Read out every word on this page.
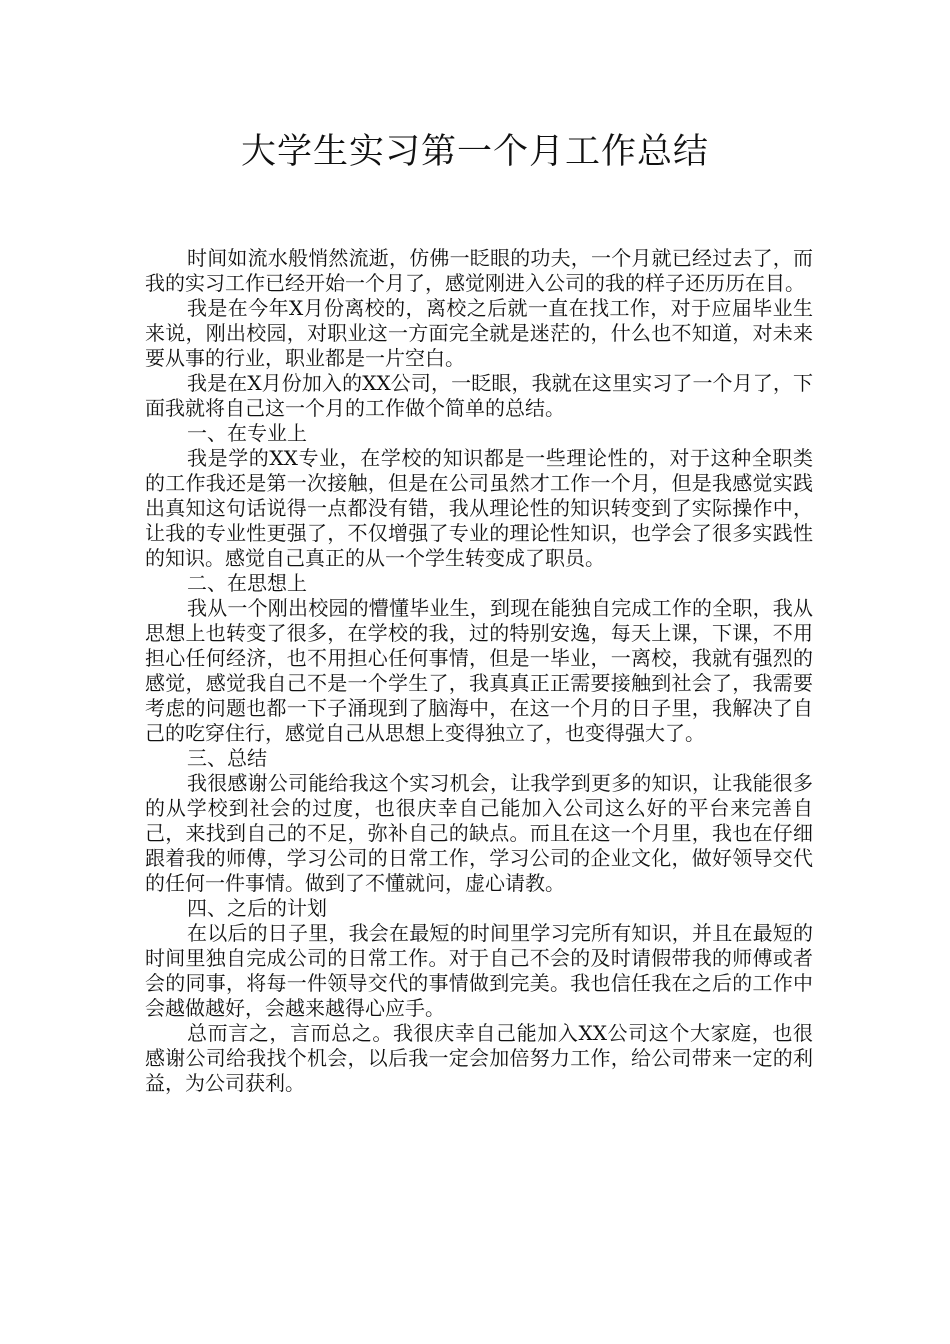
大学生实习第一个月工作总结

时间如流水般悄然流逝，仿佛一眨眼的功夫，一个月就已经过去了，而我的实习工作已经开始一个月了，感觉刚进入公司的我的样子还历历在目。

我是在今年X月份离校的，离校之后就一直在找工作，对于应届毕业生来说，刚出校园，对职业这一方面完全就是迷茫的，什么也不知道，对未来要从事的行业，职业都是一片空白。

我是在X月份加入的XX公司，一眨眼，我就在这里实习了一个月了，下面我就将自己这一个月的工作做个简单的总结。

一、在专业上

我是学的XX专业，在学校的知识都是一些理论性的，对于这种全职类的工作我还是第一次接触，但是在公司虽然才工作一个月，但是我感觉实践出真知这句话说得一点都没有错，我从理论性的知识转变到了实际操作中，让我的专业性更强了，不仅增强了专业的理论性知识，也学会了很多实践性的知识。感觉自己真正的从一个学生转变成了职员。

二、在思想上

我从一个刚出校园的懵懂毕业生，到现在能独自完成工作的全职，我从思想上也转变了很多，在学校的我，过的特别安逸，每天上课，下课，不用担心任何经济，也不用担心任何事情，但是一毕业，一离校，我就有强烈的感觉，感觉我自己不是一个学生了，我真真正正需要接触到社会了，我需要考虑的问题也都一下子涌现到了脑海中，在这一个月的日子里，我解决了自己的吃穿住行，感觉自己从思想上变得独立了，也变得强大了。

三、总结

我很感谢公司能给我这个实习机会，让我学到更多的知识，让我能很多的从学校到社会的过度，也很庆幸自己能加入公司这么好的平台来完善自己，来找到自己的不足，弥补自己的缺点。而且在这一个月里，我也在仔细跟着我的师傅，学习公司的日常工作，学习公司的企业文化，做好领导交代的任何一件事情。做到了不懂就问，虚心请教。

四、之后的计划

在以后的日子里，我会在最短的时间里学习完所有知识，并且在最短的时间里独自完成公司的日常工作。对于自己不会的及时请假带我的师傅或者会的同事，将每一件领导交代的事情做到完美。我也信任我在之后的工作中会越做越好，会越来越得心应手。

总而言之，言而总之。我很庆幸自己能加入XX公司这个大家庭，也很感谢公司给我找个机会，以后我一定会加倍努力工作，给公司带来一定的利益，为公司获利。
